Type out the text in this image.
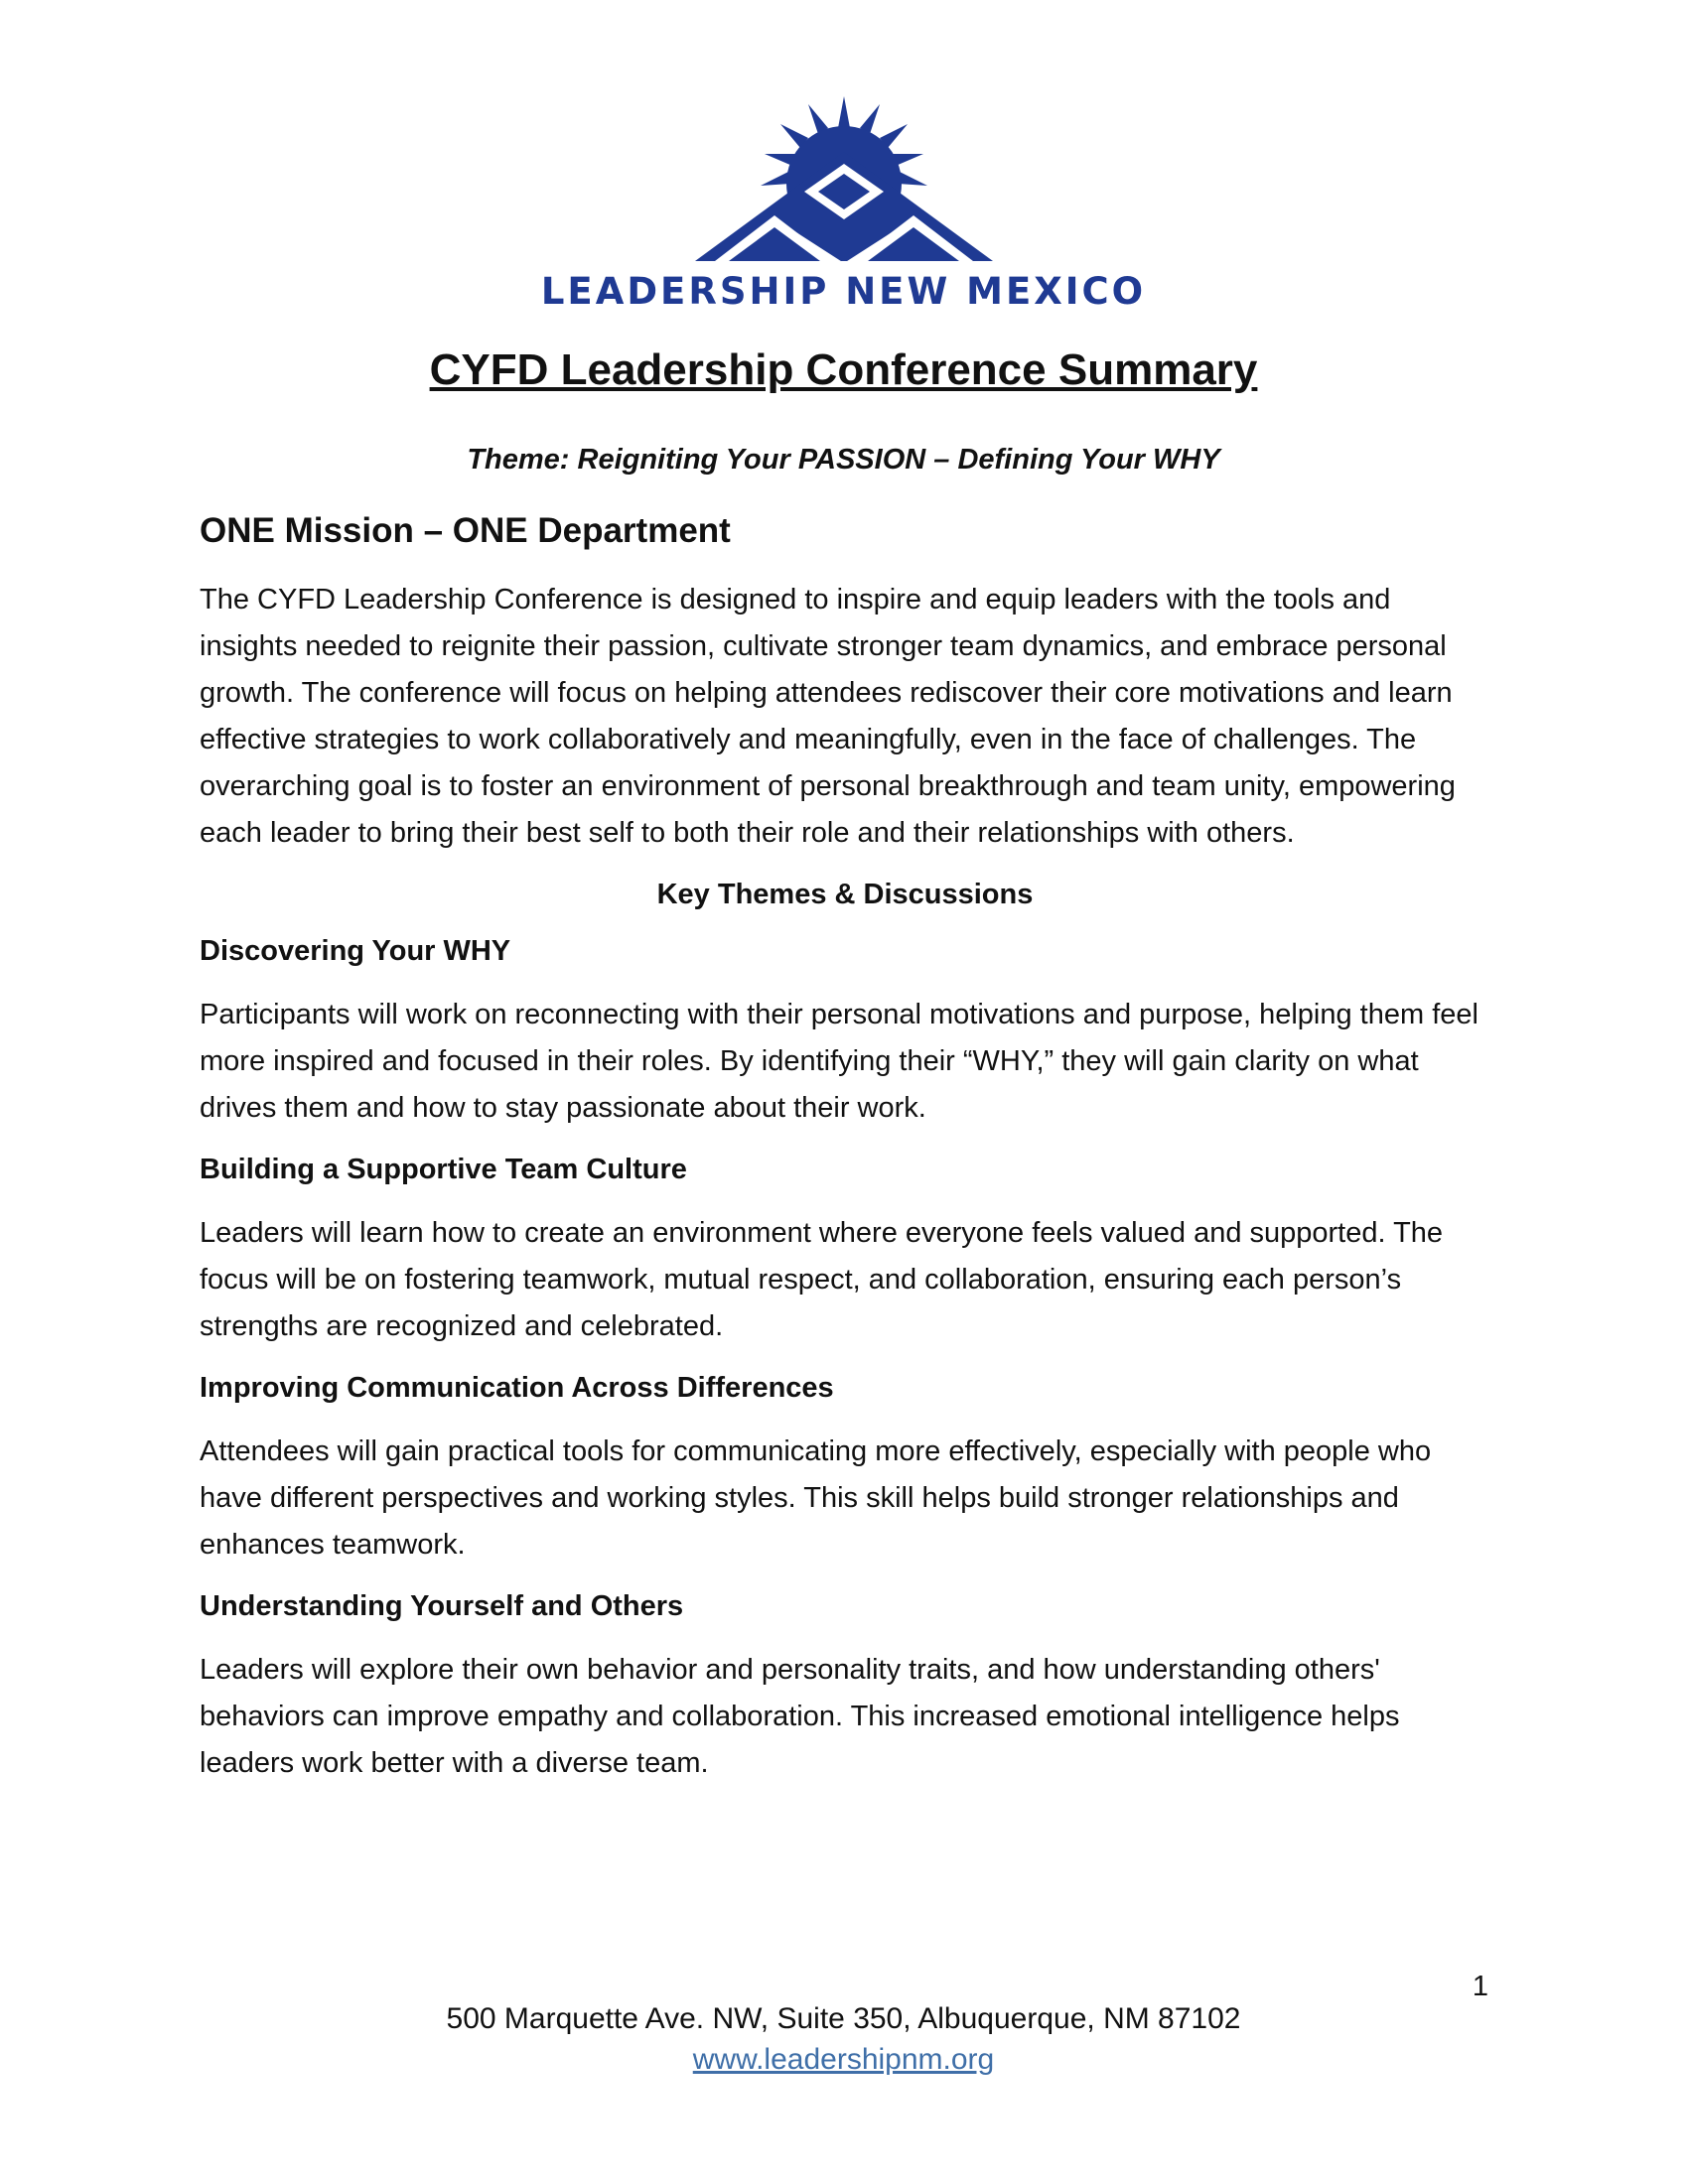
LEADERSHIP NEW MEXICO
CYFD Leadership Conference Summary
Theme: Reigniting Your PASSION – Defining Your WHY
ONE Mission – ONE Department

The CYFD Leadership Conference is designed to inspire and equip leaders with the tools and insights needed to reignite their passion, cultivate stronger team dynamics, and embrace personal growth. The conference will focus on helping attendees rediscover their core motivations and learn effective strategies to work collaboratively and meaningfully, even in the face of challenges. The overarching goal is to foster an environment of personal breakthrough and team unity, empowering each leader to bring their best self to both their role and their relationships with others.

Key Themes & Discussions
Discovering Your WHY

Participants will work on reconnecting with their personal motivations and purpose, helping them feel more inspired and focused in their roles. By identifying their “WHY,” they will gain clarity on what drives them and how to stay passionate about their work.

Building a Supportive Team Culture

Leaders will learn how to create an environment where everyone feels valued and supported. The focus will be on fostering teamwork, mutual respect, and collaboration, ensuring each person’s strengths are recognized and celebrated.

Improving Communication Across Differences

Attendees will gain practical tools for communicating more effectively, especially with people who have different perspectives and working styles. This skill helps build stronger relationships and enhances teamwork.

Understanding Yourself and Others

Leaders will explore their own behavior and personality traits, and how understanding others' behaviors can improve empathy and collaboration. This increased emotional intelligence helps leaders work better with a diverse team.

1
500 Marquette Ave. NW, Suite 350, Albuquerque, NM 87102
www.leadershipnm.org
